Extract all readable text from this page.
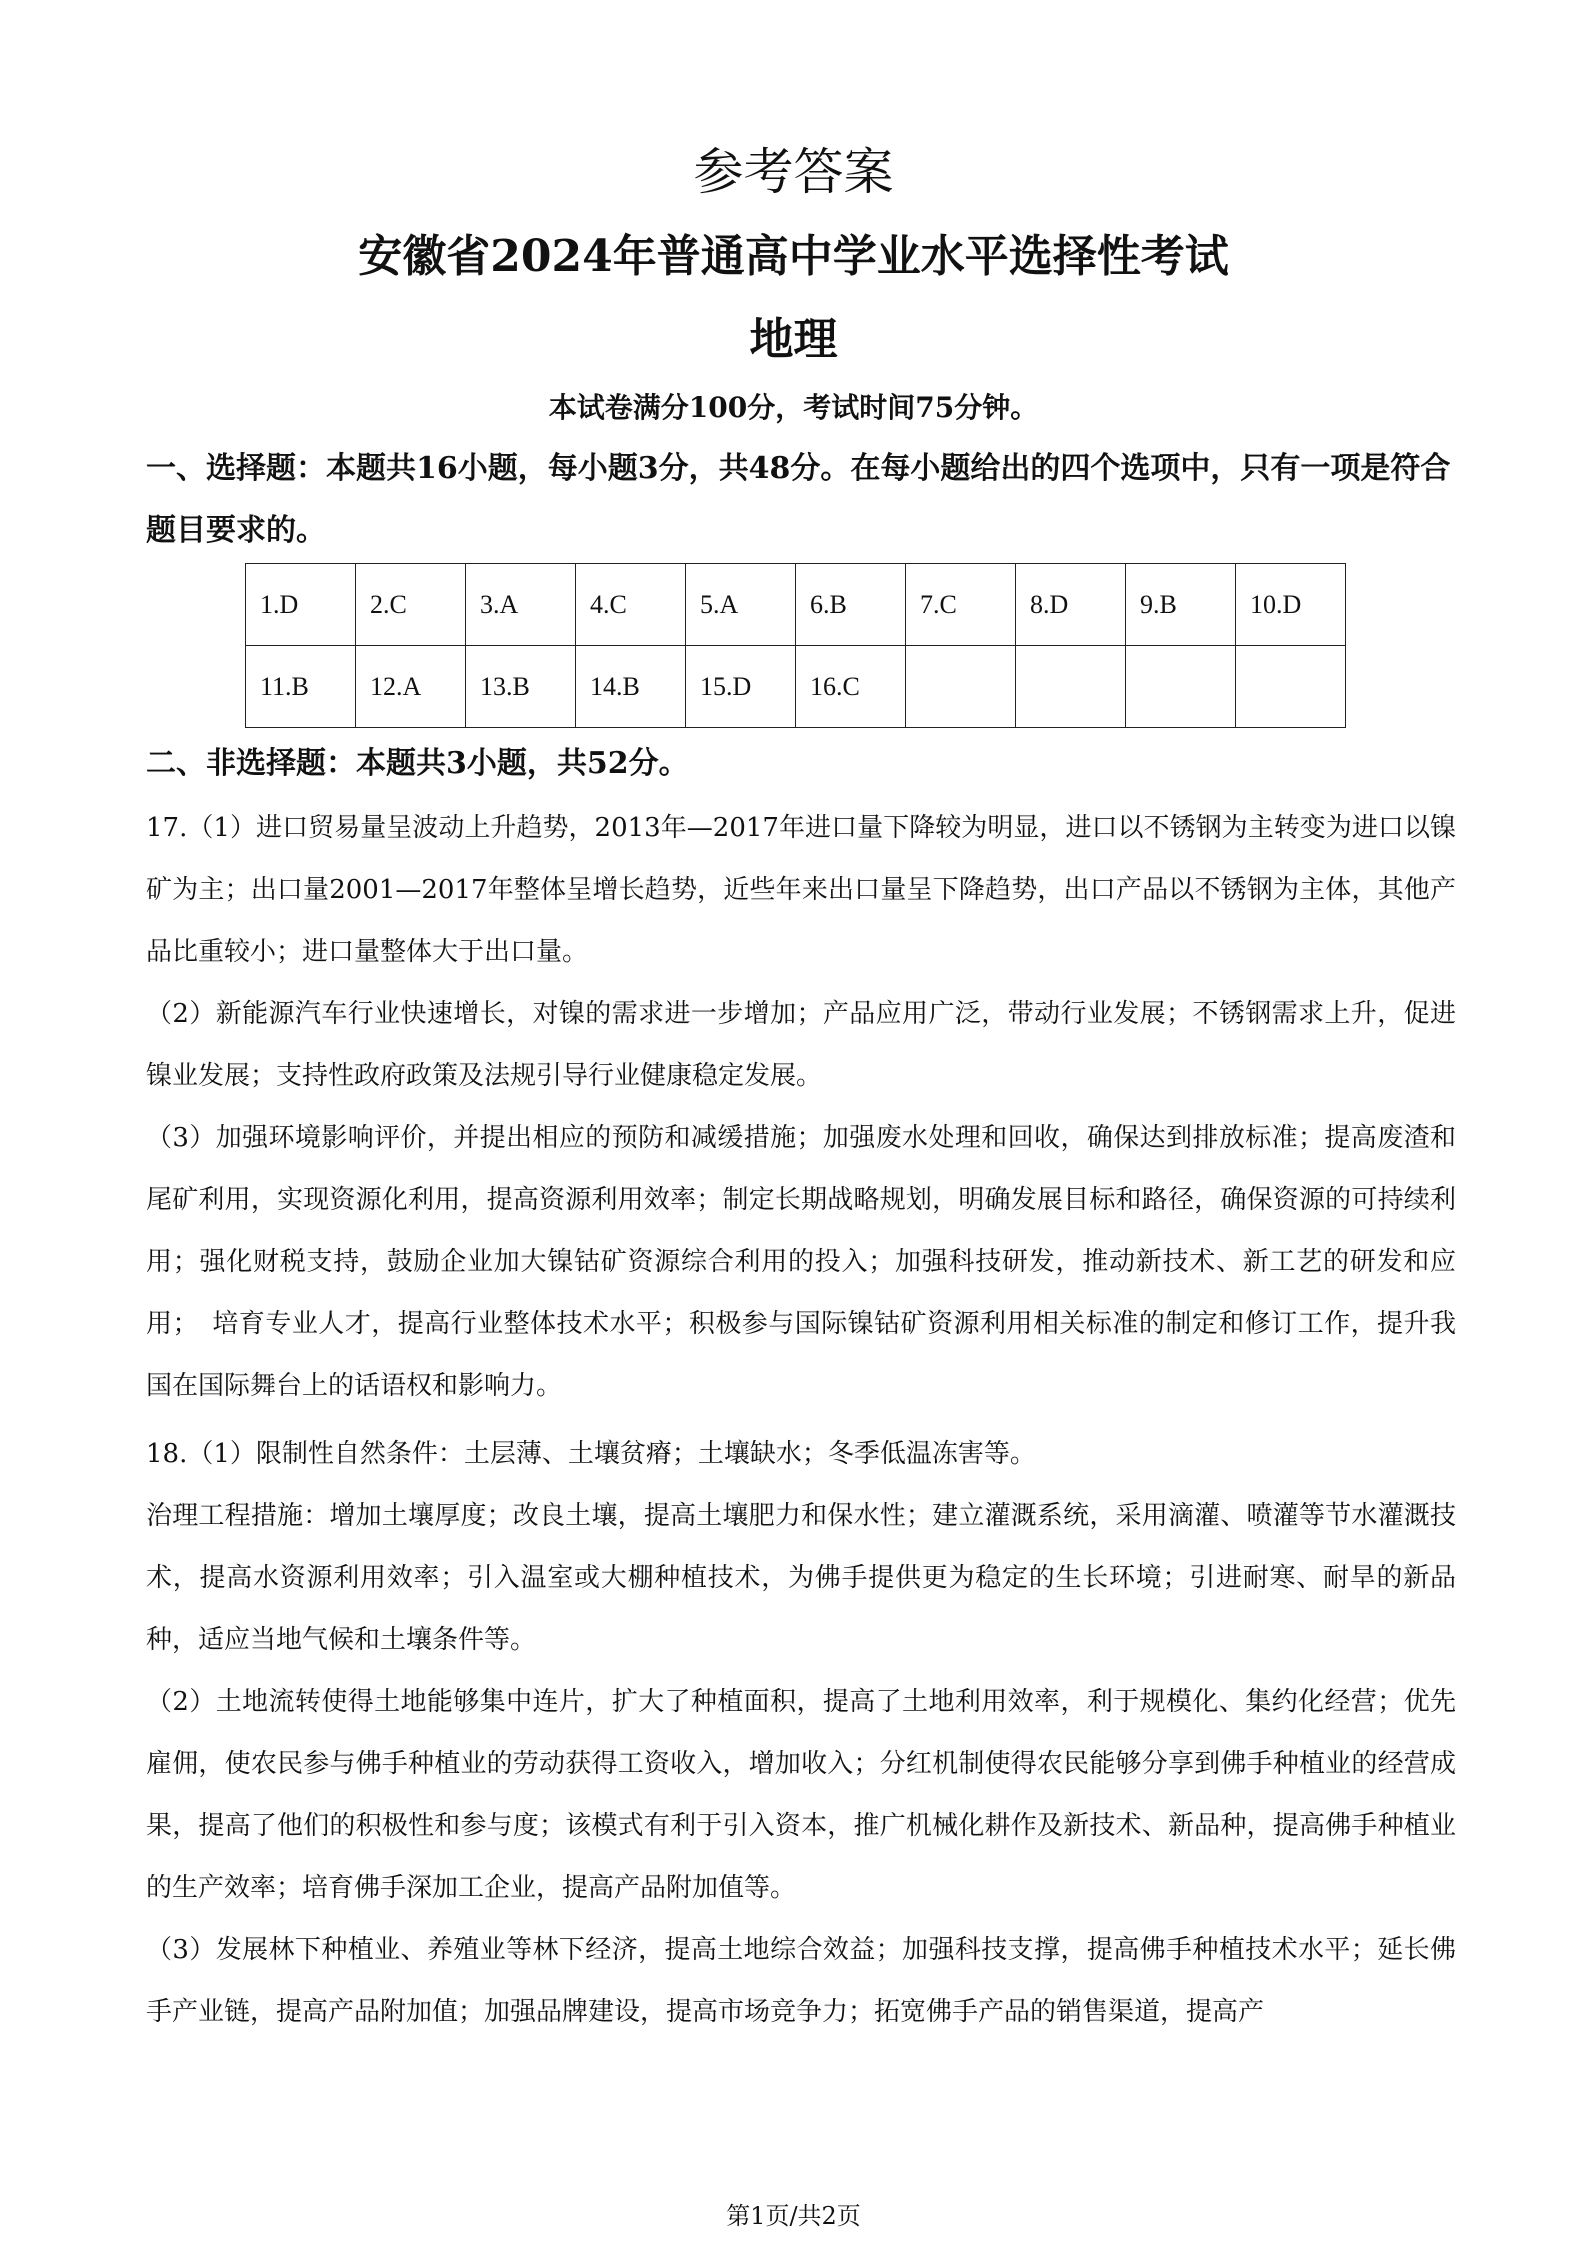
参考答案
安徽省2024年普通高中学业水平选择性考试
地理

本试卷满分100分，考试时间75分钟。

一、选择题：本题共16小题，每小题3分，共48分。在每小题给出的四个选项中，只有一项是符合题目要求的。

1.D	2.C	3.A	4.C	5.A	6.B	7.C	8.D	9.B	10.D
11.B	12.A	13.B	14.B	15.D	16.C				

二、非选择题：本题共3小题，共52分。

17.（1）进口贸易量呈波动上升趋势，2013年—2017年进口量下降较为明显，进口以不锈钢为主转变为进口以镍矿为主；出口量2001—2017年整体呈增长趋势，近些年来出口量呈下降趋势，出口产品以不锈钢为主体，其他产品比重较小；进口量整体大于出口量。

（2）新能源汽车行业快速增长，对镍的需求进一步增加；产品应用广泛，带动行业发展；不锈钢需求上升，促进镍业发展；支持性政府政策及法规引导行业健康稳定发展。

（3）加强环境影响评价，并提出相应的预防和减缓措施；加强废水处理和回收，确保达到排放标准；提高废渣和尾矿利用，实现资源化利用，提高资源利用效率；制定长期战略规划，明确发展目标和路径，确保资源的可持续利用；强化财税支持，鼓励企业加大镍钴矿资源综合利用的投入；加强科技研发，推动新技术、新工艺的研发和应用；　培育专业人才，提高行业整体技术水平；积极参与国际镍钴矿资源利用相关标准的制定和修订工作，提升我国在国际舞台上的话语权和影响力。

18.（1）限制性自然条件：土层薄、土壤贫瘠；土壤缺水；冬季低温冻害等。

治理工程措施：增加土壤厚度；改良土壤，提高土壤肥力和保水性；建立灌溉系统，采用滴灌、喷灌等节水灌溉技术，提高水资源利用效率；引入温室或大棚种植技术，为佛手提供更为稳定的生长环境；引进耐寒、耐旱的新品种，适应当地气候和土壤条件等。

（2）土地流转使得土地能够集中连片，扩大了种植面积，提高了土地利用效率，利于规模化、集约化经营；优先雇佣，使农民参与佛手种植业的劳动获得工资收入，增加收入；分红机制使得农民能够分享到佛手种植业的经营成果，提高了他们的积极性和参与度；该模式有利于引入资本，推广机械化耕作及新技术、新品种，提高佛手种植业的生产效率；培育佛手深加工企业，提高产品附加值等。

（3）发展林下种植业、养殖业等林下经济，提高土地综合效益；加强科技支撑，提高佛手种植技术水平；延长佛手产业链，提高产品附加值；加强品牌建设，提高市场竞争力；拓宽佛手产品的销售渠道，提高产

第1页/共2页
